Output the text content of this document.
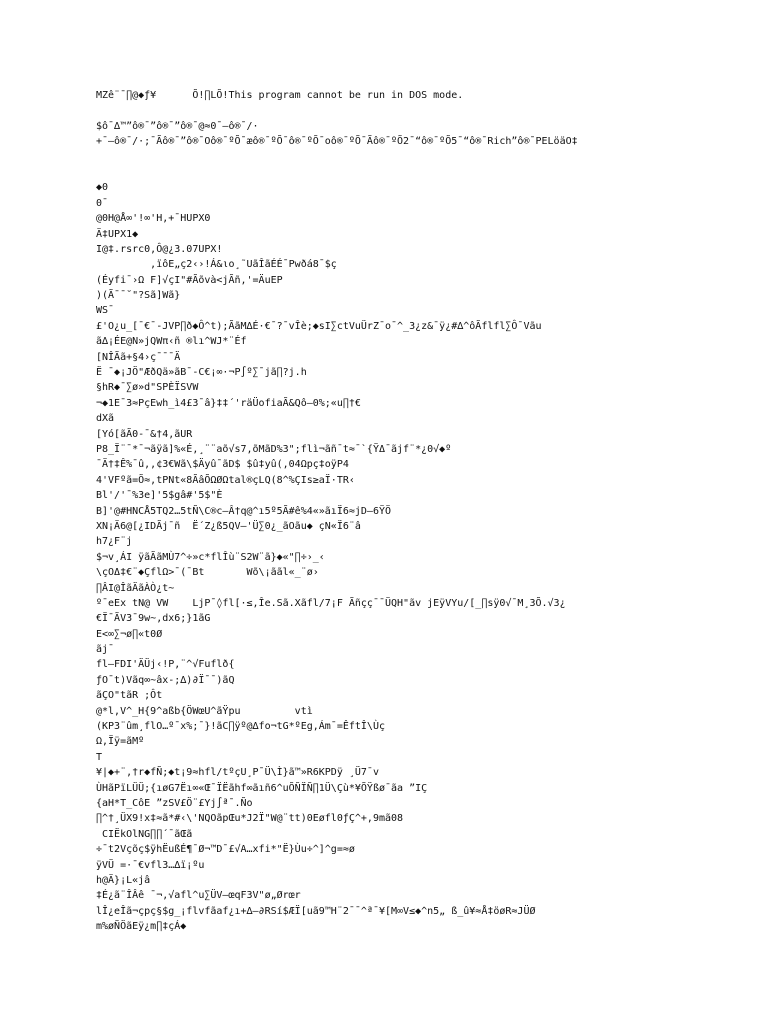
MZê¨¯∏@◆ƒ¥      Õ!∏LÕ!This program cannot be run in DOS mode.
$ô¯∆™”ô®¯”ô®¯”ô®¯@≈0¯–ô®¯/·
+¯–ô®¯/·;¯Ãô®¯”ô®¯Oô®¯ºÕ¯æô®¯ºÕ¯ô®¯ºÕ¯oô®¯ºÕ¯Ãô®¯ºÕ2¯“ô®¯ºÕ5¯“ô®¯Rich”ô®¯PELöäO‡
◆0
0¯
@0H@Å∞'!∞'H,+¯HUPX0
Ä‡UPX1◆
I@‡.rsrc0,Ô@¿3.07UPX!
,ïôE„ç2‹›!Á&ιο¸˜UãÎãÉÉ¯Pwðá8¯$ç
(Éyfi¯›Ω F]√çI"#Ãõvà<jÃñ,'=ÄuEP
)(Ã¯¯˘"?Sã]Wã}
WS¯
£'O¿u_[¯€¯-JVP∏ð◆Ô^t);ÃãM∆É·€¯?¯vÎè;◆sI∑ctVuÜrZ¯o¯^_3¿z&¯ÿ¿#∆^ôÃflfl∑Ô¯Vãu
ã∆¡ÉE@N»jQWπ‹ñ ®lı^WJ*¨Éf
[NÎÃã+§4›ç¯¯¯Ä
Ë ¯◆¡JÖ"ÆðQä»ãB¯-C€¡∞·¬P∫º∑¯jã∏?j.h
§hR◆¯∑ø»d"SPÈÏSVW
¬◆1E¯3≈PçEwh_ì4£3¯â}‡‡´'räÜofiaÃ&Qô–0%;«u∏†€
dXã
[Yó[ãÃ0-¯&†4,ãUR
P8_Ï¨¯*¯¬ãÿã]%«É,¸¨¨aõ√s7,õMãD%3";flì¬ãñ¯t≈¯`{ŸΔ¯ãjf¨*¿0√◆º
¯Ä†‡Ê%¯û,,¢3€Wã\$Äyû¯ãD$ $û‡yû(,04Ωpç‡oÿP4
4'VFºã=Õ≈,tPNt«8ÃâÕΩØΩtal®çLQ(8^%ÇIs≥aÏ·TR‹
Bl'/'¯%3e]'5$gâ#'5$"È
B]'@#HNCÅ5TQ2…5tÑ\C®c–Â†q@^ı5º5Ã#ê%4«»ãıÏ6≈jD–6ŸÖ
XN¡Ä6@[¿IDÃj¯ñ  Ë´Z¿ß5QV–'Ü∑0¿_ãOãu◆ çN«Ï6¨â
h7¿F¨j
$¬v¸ÁI ÿãÃãMÙ7^÷»c*flÎù¨S2W¨ã}◆«"∏÷›_‹
\çOΔ‡€¨◆ÇflΩ>¯(¯Bt       Wõ\¡ããl«_¨ø›
∏ÂI@ÎãÄãÀÒ¿t~
º¯eEx tN@ VW    LjP¯◊fl[·≤,Îe.Sã.Xãfl/7¡F Ãñçç¯¯ÜQH"ãv jEÿVYu/[_∏sÿ0√¯M¸3Õ.√3¿
€Ï¯ÃV3¯9w~,dx6;}1ãG
E<∞∑¬ø∏«t0Ø
ãj¯
fl–FDI'ÄÜj‹!P,¨^√Fuflð{
ƒO¯t)Vãq∞~âx-;∆)∂Ï¯¯)ãQ
ãÇO"tãR ;Ôt
@*l,V^_H{9^aßb{ÖWœU^ãŸpu         vtì
(KP3¨ûm¸flO…º¯x%;¯}!ãC∏ÿº@∆fo¬tG*ºEg,Ám¯=ÊftÎ\Ùç
Ω,Ïÿ=ãMº
T
¥|◆+¨,†r◆fÑ;◆t¡9≈hfl/tºçU¸P¯Ü\Ì}ã™»R6KPDÿ ¸Ü7¯v
ÙHãPïLÜÜ;{ıøG7Ëı∞«Œ¯ÏËãhf∞ãıñ6^uÕÑÏÑ∏1Ü\Çù*¥ÕŸßø¯ãa ”IÇ
{aH*T_CôE ”zSV£Ö¨£Yj∫ª¯.Ño
∏^†¸ÜX9!x‡≈ã*#‹\'NQOãpŒu*J2Ï"W@¨tt)0Eøfl0ƒÇ^+,9mã08
CIËkOlNG∏∏´¯ãŒã
÷¯t2Vçõç$ÿhËußÉ¶¯Ø¬™D¯£√A…xfi*"Ë}Ùu÷^]^g=≈ø
ÿVÜ =·¯€vfl3…∆ï¡ºu
h@Ä}¡L«jâ
‡É¿ã¨ÎÂê ¯¬,√afl^u∑ÜV–œqF3V"ø„Ørœr
lÎ¿eÎã¬çpç§$g_¡flvfãaf¿ı+∆–∂RSí$ÆÏ[uã9™H¨2¯¯^ª¯¥[M∞V≤◆^n5„ ß_û¥≈Å‡öøR≈JÜØ
m%øÑÖãEÿ¿m∏‡çÁ◆
